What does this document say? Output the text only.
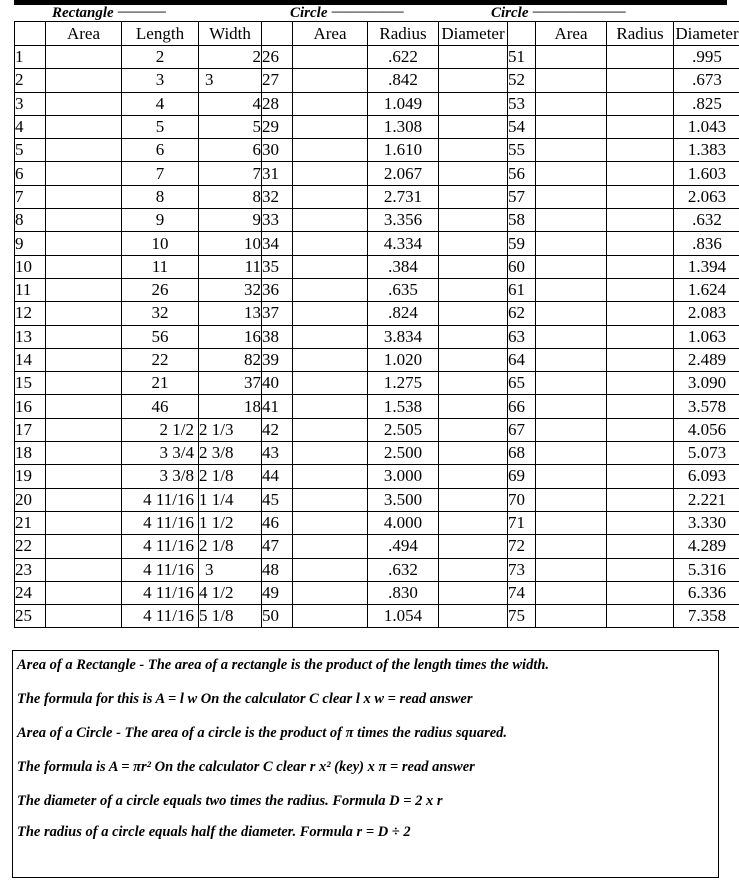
Rectangle ----------------	Circle ------------------------	Circle -------------------------------
	Area	Length	Width		Area	Radius	Diameter		Area	Radius	Diameter
1		2	2	26		.622		51			.995
2		3	3	27		.842		52			.673
3		4	4	28		1.049		53			.825
4		5	5	29		1.308		54			1.043
5		6	6	30		1.610		55			1.383
6		7	7	31		2.067		56			1.603
7		8	8	32		2.731		57			2.063
8		9	9	33		3.356		58			.632
9		10	10	34		4.334		59			.836
10		11	11	35		.384		60			1.394
11		26	32	36		.635		61			1.624
12		32	13	37		.824		62			2.083
13		56	16	38		3.834		63			1.063
14		22	82	39		1.020		64			2.489
15		21	37	40		1.275		65			3.090
16		46	18	41		1.538		66			3.578
17		2 1/2	2 1/3	42		2.505		67			4.056
18		3 3/4	2 3/8	43		2.500		68			5.073
19		3 3/8	2 1/8	44		3.000		69			6.093
20		4 11/16	1 1/4	45		3.500		70			2.221
21		4 11/16	1 1/2	46		4.000		71			3.330
22		4 11/16	2 1/8	47		.494		72			4.289
23		4 11/16	3	48		.632		73			5.316
24		4 11/16	4 1/2	49		.830		74			6.336
25		4 11/16	5 1/8	50		1.054		75			7.358
Area of a Rectangle - The area of a rectangle is the product of the length times the width.
The formula for this is A = l w On the calculator C clear l x w = read answer
Area of a Circle - The area of a circle is the product of π times the radius squared.
The formula is A = πr² On the calculator C clear r x² (key) x π = read answer
The diameter of a circle equals two times the radius. Formula D = 2 x r
The radius of a circle equals half the diameter. Formula r = D ÷ 2
